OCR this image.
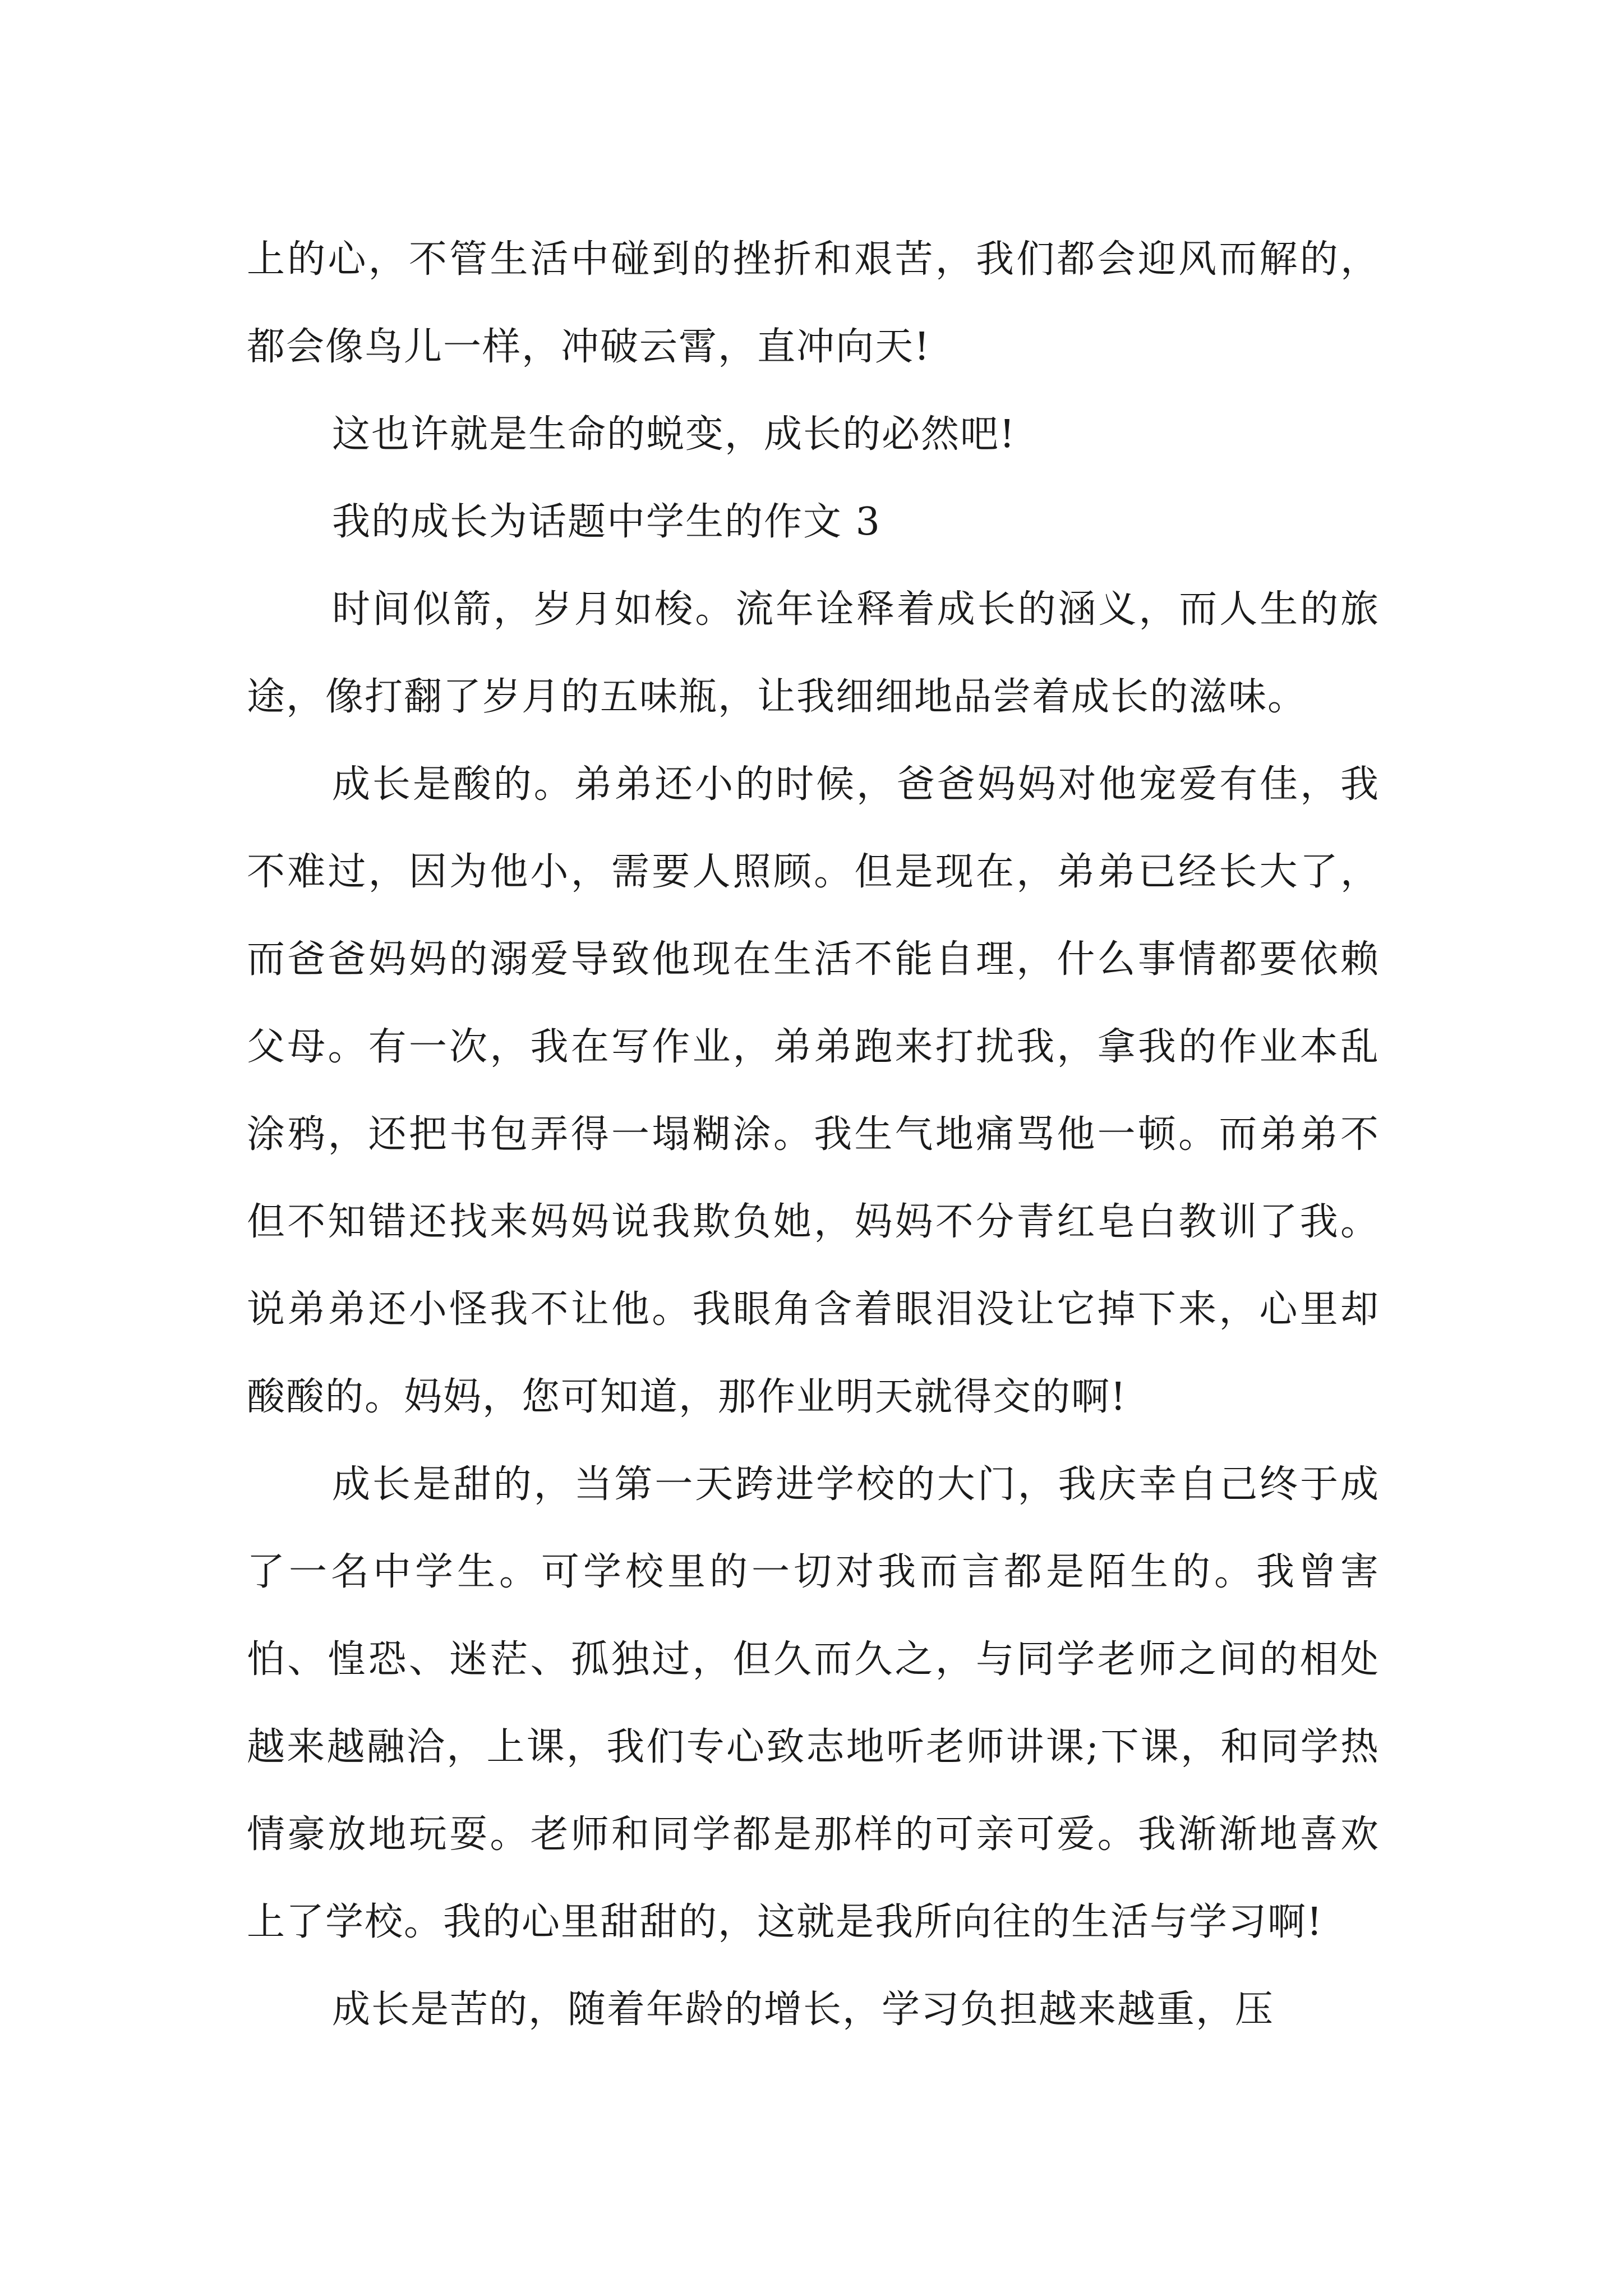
上的心，不管生活中碰到的挫折和艰苦，我们都会迎风而解的，都会像鸟儿一样，冲破云霄，直冲向天!

这也许就是生命的蜕变，成长的必然吧!

我的成长为话题中学生的作文 3

时间似箭，岁月如梭。流年诠释着成长的涵义，而人生的旅途，像打翻了岁月的五味瓶，让我细细地品尝着成长的滋味。

成长是酸的。弟弟还小的时候，爸爸妈妈对他宠爱有佳，我不难过，因为他小，需要人照顾。但是现在，弟弟已经长大了，而爸爸妈妈的溺爱导致他现在生活不能自理，什么事情都要依赖父母。有一次，我在写作业，弟弟跑来打扰我，拿我的作业本乱涂鸦，还把书包弄得一塌糊涂。我生气地痛骂他一顿。而弟弟不但不知错还找来妈妈说我欺负她，妈妈不分青红皂白教训了我。说弟弟还小怪我不让他。我眼角含着眼泪没让它掉下来，心里却酸酸的。妈妈，您可知道，那作业明天就得交的啊!

成长是甜的，当第一天跨进学校的大门，我庆幸自己终于成了一名中学生。可学校里的一切对我而言都是陌生的。我曾害怕、惶恐、迷茫、孤独过，但久而久之，与同学老师之间的相处越来越融洽，上课，我们专心致志地听老师讲课;下课，和同学热情豪放地玩耍。老师和同学都是那样的可亲可爱。我渐渐地喜欢上了学校。我的心里甜甜的，这就是我所向往的生活与学习啊!

成长是苦的，随着年龄的增长，学习负担越来越重，压
